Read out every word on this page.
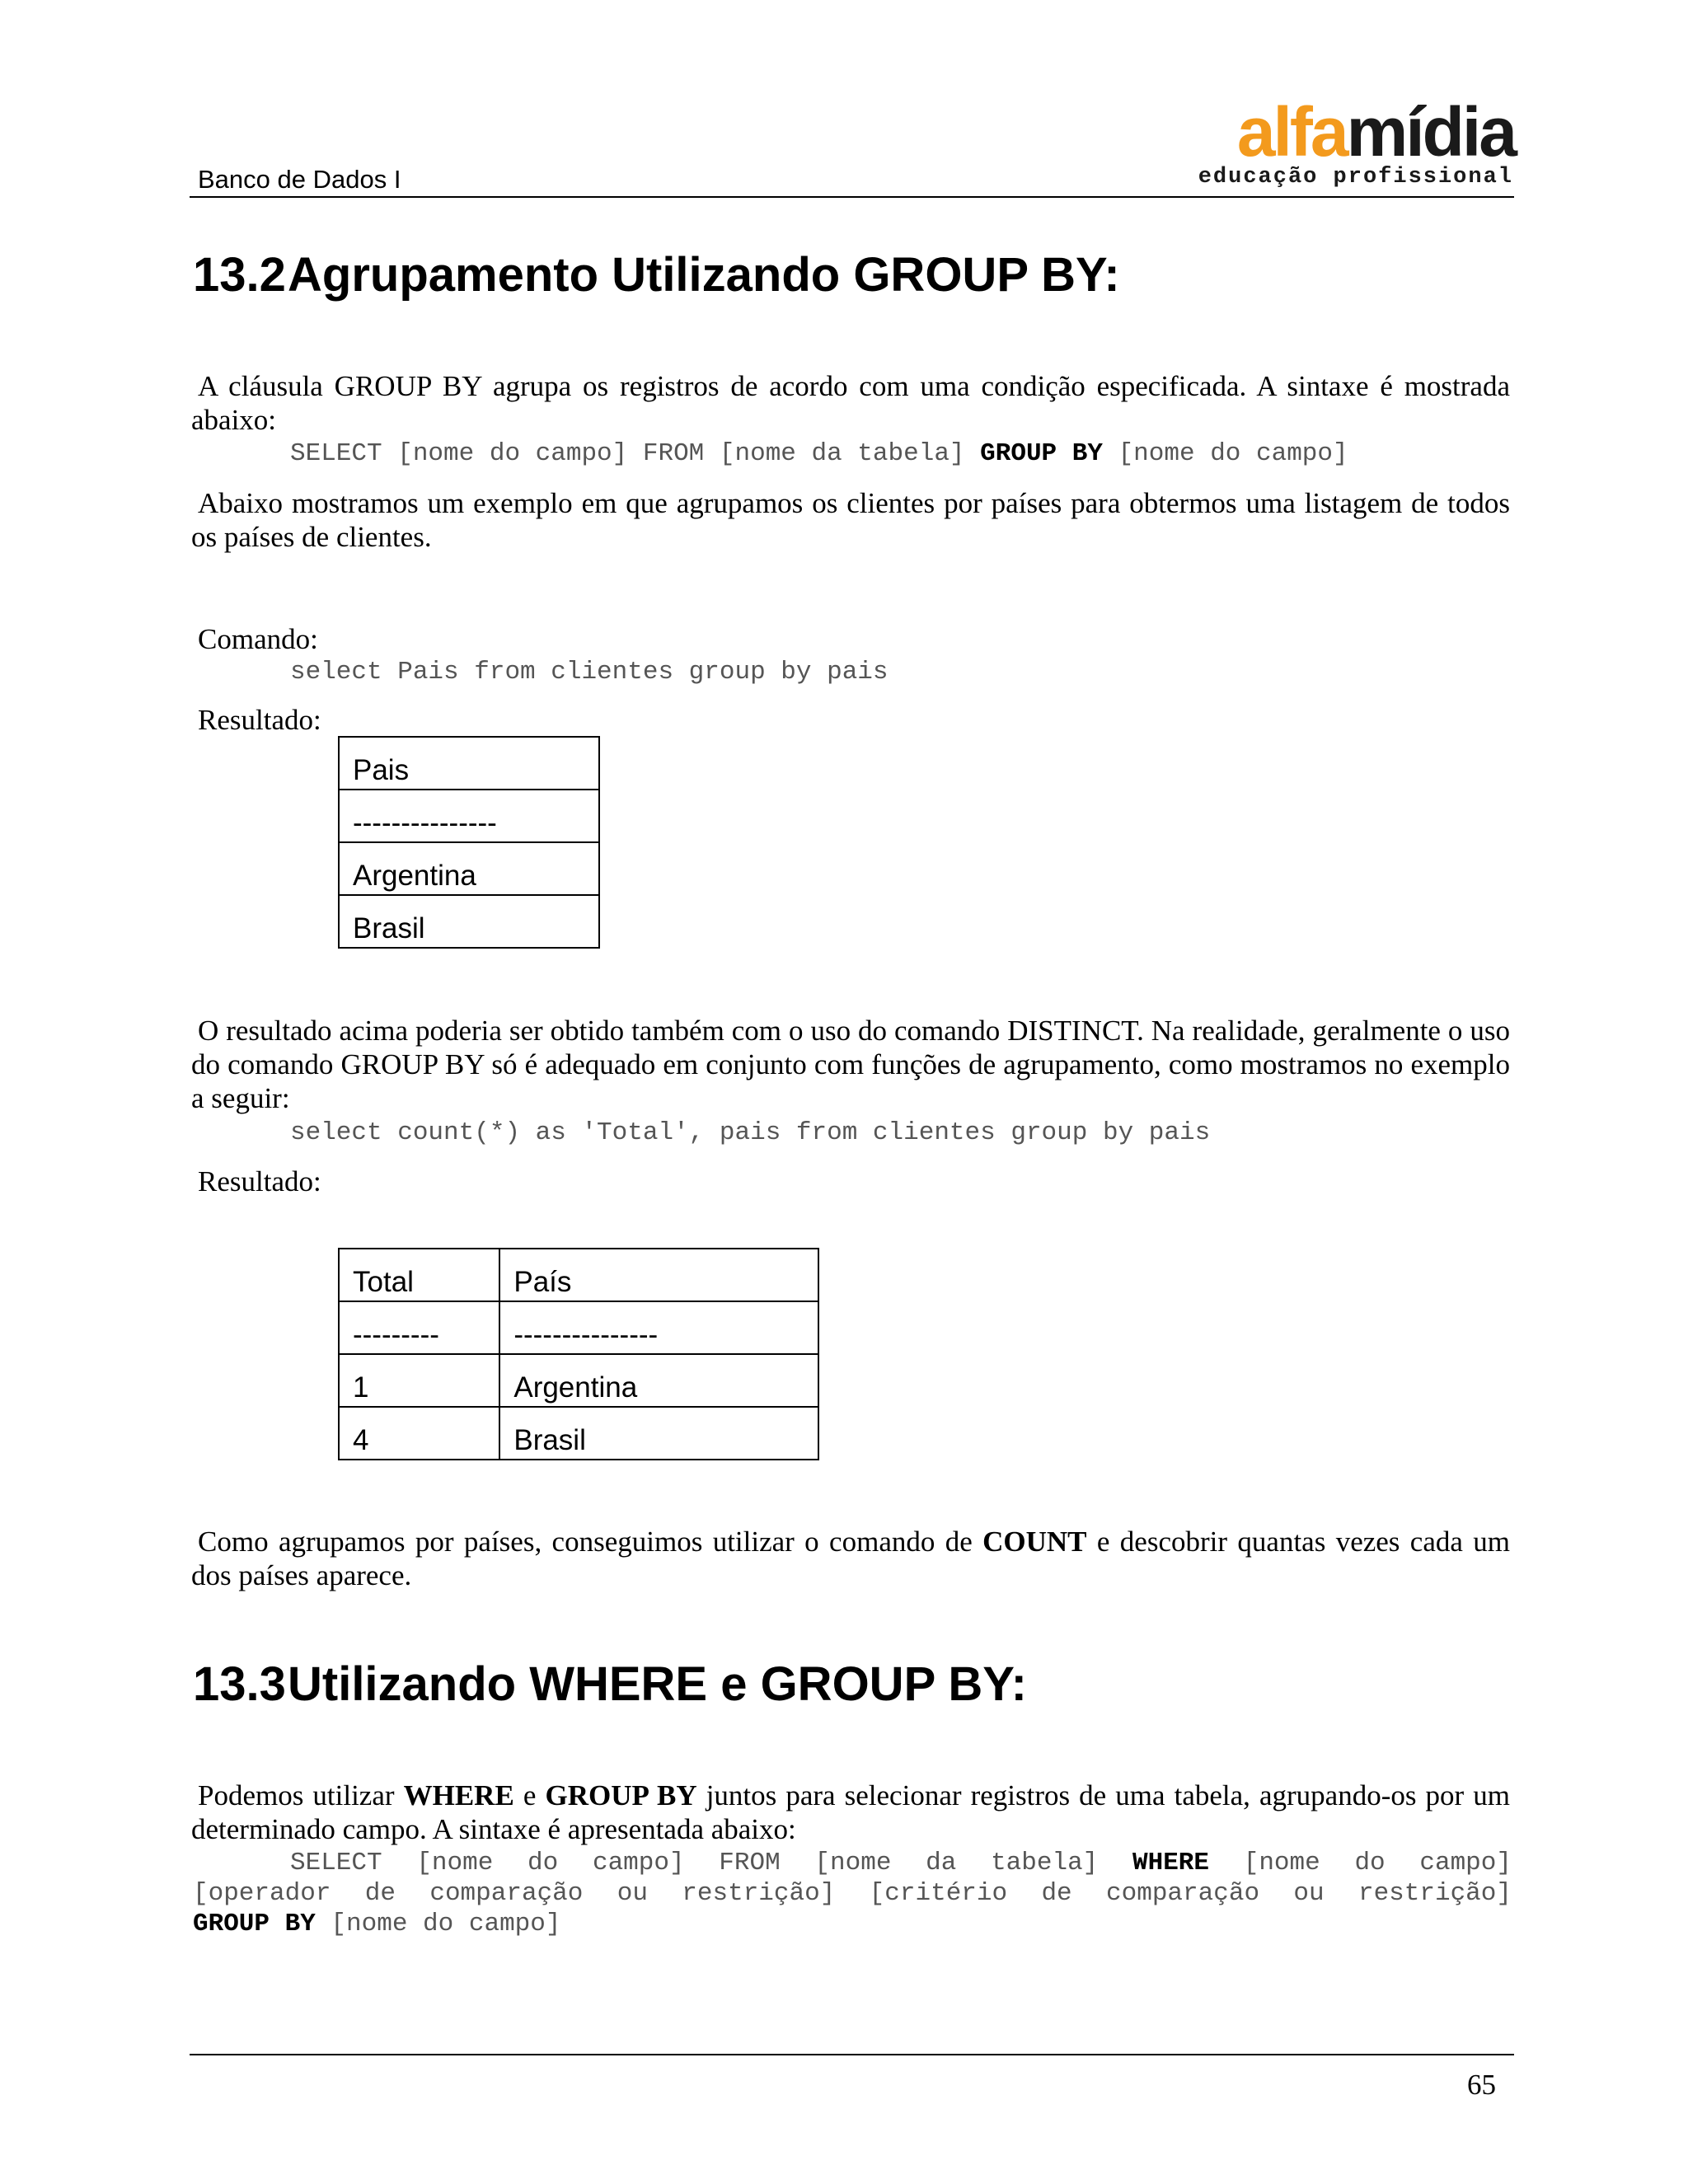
Banco de Dados I
alfamídia
educação profissional
13.2Agrupamento Utilizando GROUP BY:

A cláusula GROUP BY agrupa os registros de acordo com uma condição especificada. A sintaxe é mostrada abaixo:

SELECT [nome do campo] FROM [nome da tabela] GROUP BY [nome do campo]

Abaixo mostramos um exemplo em que agrupamos os clientes por países para obtermos uma listagem de todos os países de clientes.

Comando:
select Pais from clientes group by pais
Resultado:
Pais
---------------
Argentina
Brasil

O resultado acima poderia ser obtido também com o uso do comando DISTINCT. Na realidade, geralmente o uso do comando GROUP BY só é adequado em conjunto com funções de agrupamento, como mostramos no exemplo a seguir:

select count(*) as 'Total', pais from clientes group by pais
Resultado:
Total	País
---------	---------------
1	Argentina
4	Brasil

Como agrupamos por países, conseguimos utilizar o comando de COUNT e descobrir quantas vezes cada um dos países aparece.

13.3Utilizando WHERE e GROUP BY:

Podemos utilizar WHERE e GROUP BY juntos para selecionar registros de uma tabela, agrupando-os por um determinado campo. A sintaxe é apresentada abaixo:

SELECT [nome do campo] FROM [nome da tabela] WHERE [nome do campo]
[operador de comparação ou restrição] [critério de comparação ou restrição]
GROUP BY [nome do campo]
65
